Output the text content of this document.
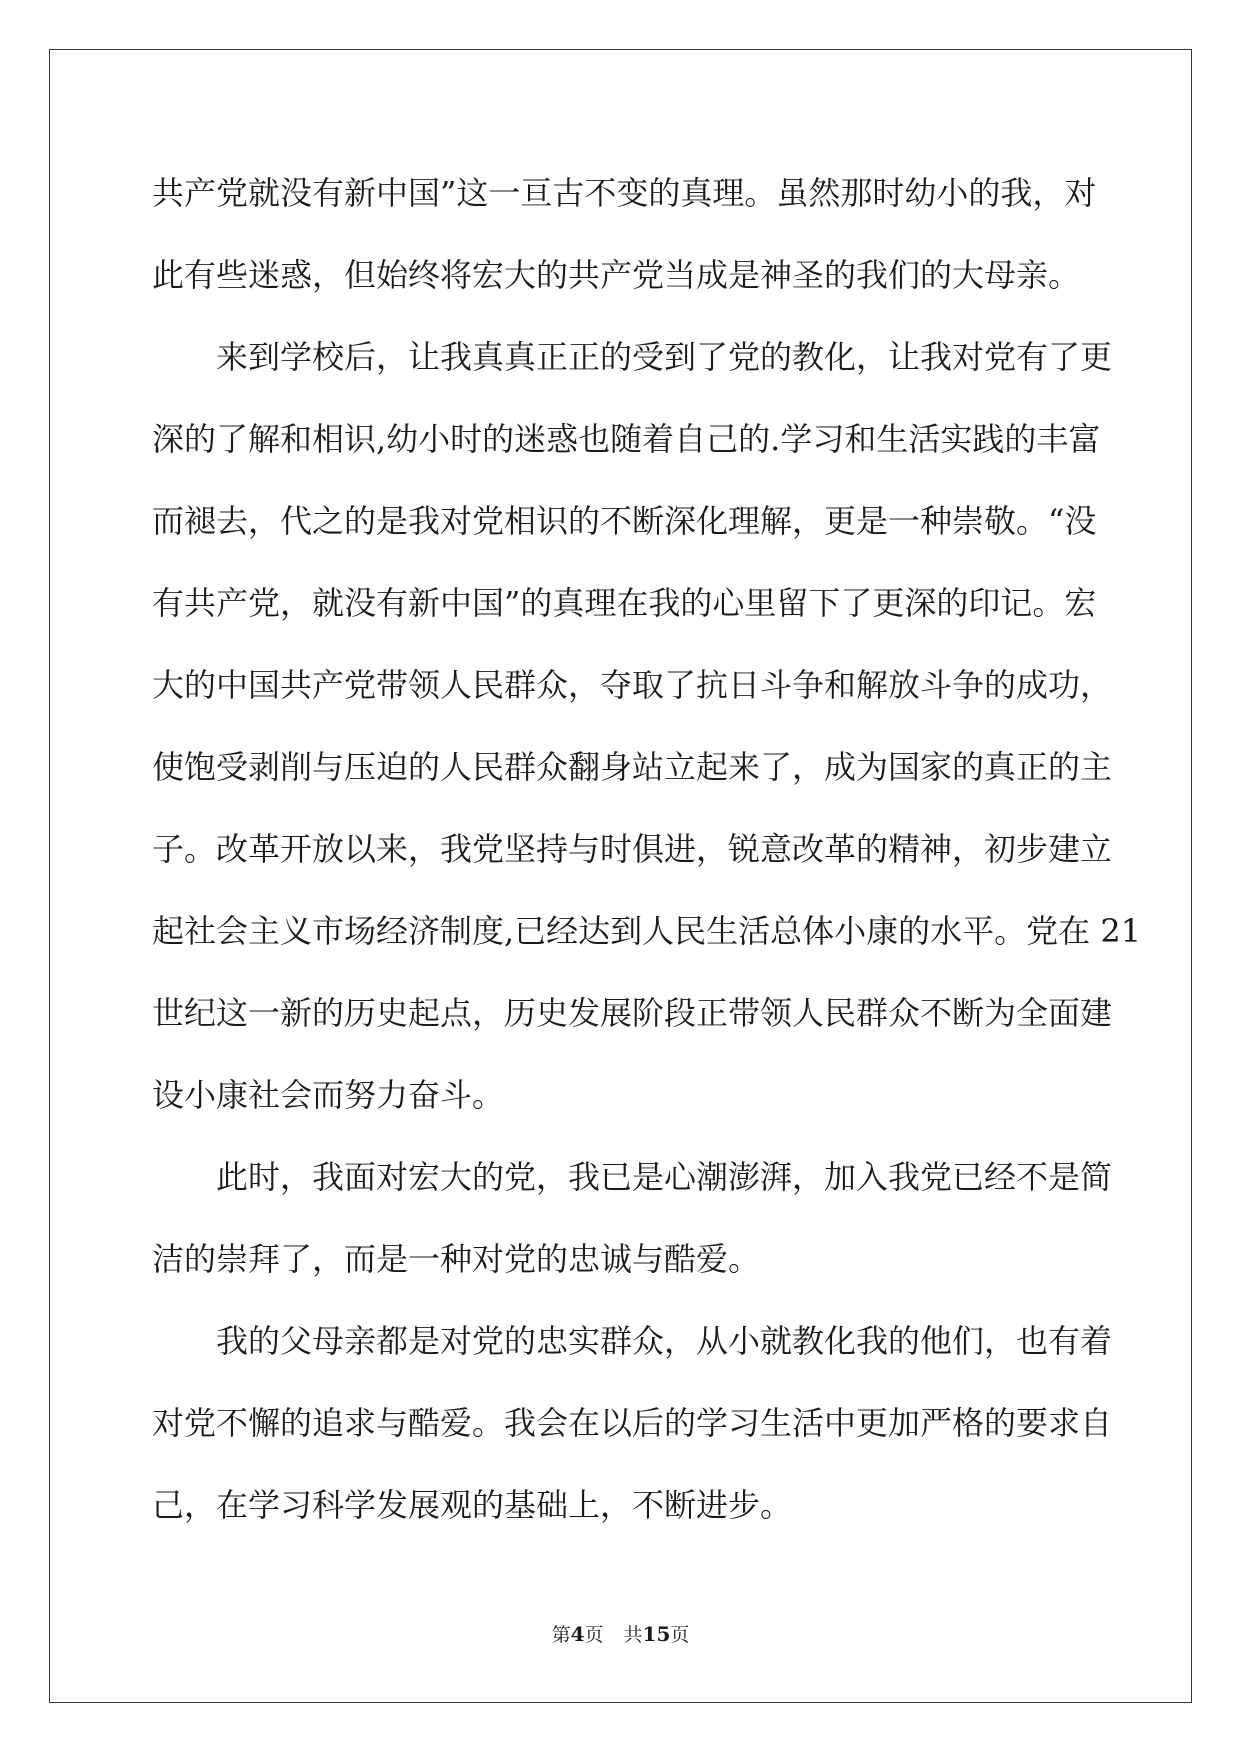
共产党就没有新中国”这一亘古不变的真理。虽然那时幼小的我，对
此有些迷惑，但始终将宏大的共产党当成是神圣的我们的大母亲。
来到学校后，让我真真正正的受到了党的教化，让我对党有了更
深的了解和相识,幼小时的迷惑也随着自己的.学习和生活实践的丰富
而褪去，代之的是我对党相识的不断深化理解，更是一种崇敬。“没
有共产党，就没有新中国”的真理在我的心里留下了更深的印记。宏
大的中国共产党带领人民群众，夺取了抗日斗争和解放斗争的成功，
使饱受剥削与压迫的人民群众翻身站立起来了，成为国家的真正的主
子。改革开放以来，我党坚持与时俱进，锐意改革的精神，初步建立
起社会主义市场经济制度,已经达到人民生活总体小康的水平。党在 21
世纪这一新的历史起点，历史发展阶段正带领人民群众不断为全面建
设小康社会而努力奋斗。
此时，我面对宏大的党，我已是心潮澎湃，加入我党已经不是简
洁的崇拜了，而是一种对党的忠诚与酷爱。
我的父母亲都是对党的忠实群众，从小就教化我的他们，也有着
对党不懈的追求与酷爱。我会在以后的学习生活中更加严格的要求自
己，在学习科学发展观的基础上，不断进步。
第4页 共15页
